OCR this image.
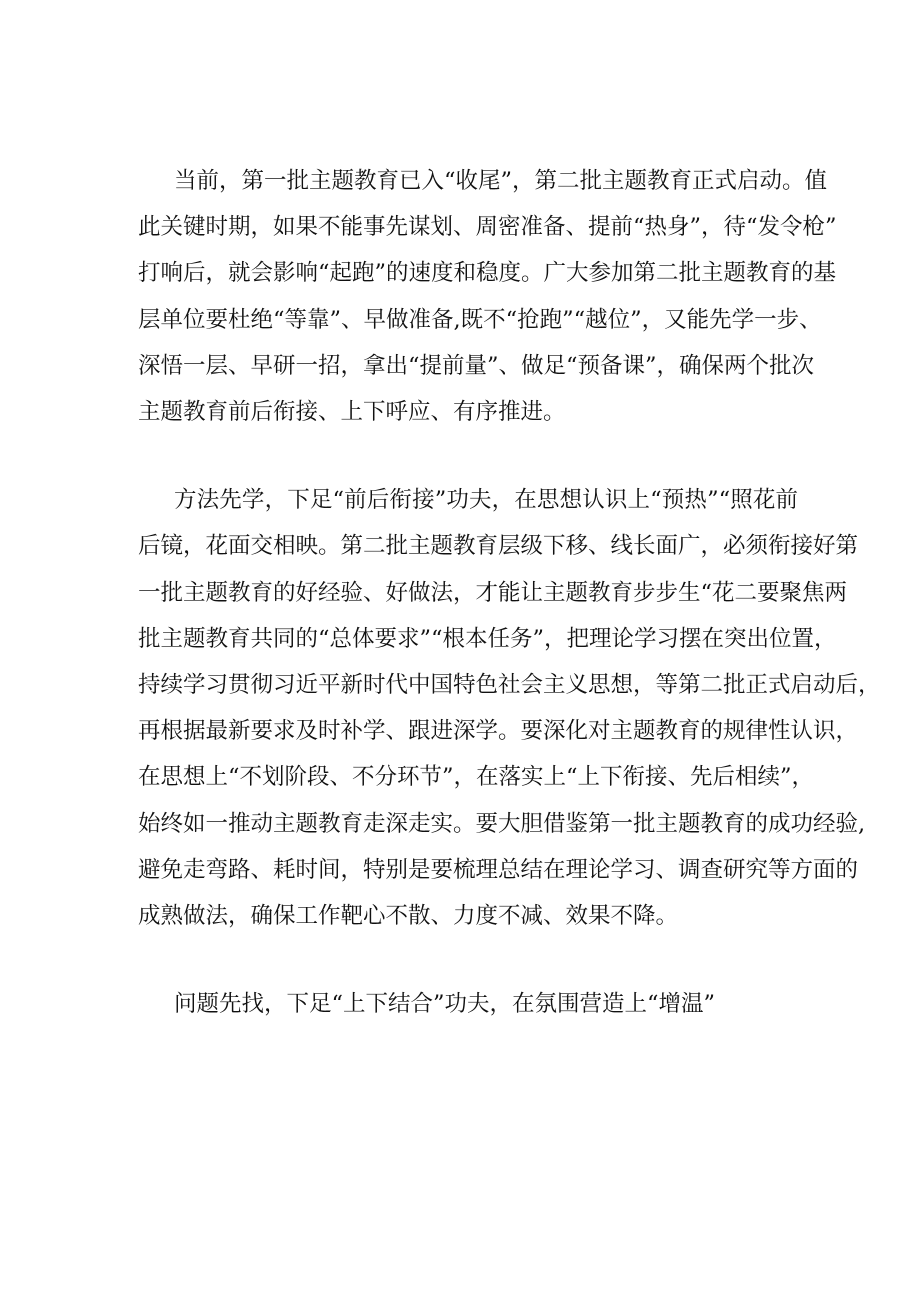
当前，第一批主题教育已入“收尾”，第二批主题教育正式启动。值
此关键时期，如果不能事先谋划、周密准备、提前“热身”，待“发令枪”
打响后，就会影响“起跑”的速度和稳度。广大参加第二批主题教育的基
层单位要杜绝“等靠”、早做准备,既不“抢跑”“越位”，又能先学一步、
深悟一层、早研一招，拿出“提前量”、做足“预备课”，确保两个批次
主题教育前后衔接、上下呼应、有序推进。

方法先学，下足“前后衔接”功夫，在思想认识上“预热”“照花前
后镜，花面交相映。第二批主题教育层级下移、线长面广，必须衔接好第
一批主题教育的好经验、好做法，才能让主题教育步步生“花二要聚焦两
批主题教育共同的“总体要求”“根本任务”，把理论学习摆在突出位置，
持续学习贯彻习近平新时代中国特色社会主义思想，等第二批正式启动后，
再根据最新要求及时补学、跟进深学。要深化对主题教育的规律性认识，
在思想上“不划阶段、不分环节”，在落实上“上下衔接、先后相续”，
始终如一推动主题教育走深走实。要大胆借鉴第一批主题教育的成功经验,
避免走弯路、耗时间，特别是要梳理总结在理论学习、调查研究等方面的
成熟做法，确保工作靶心不散、力度不减、效果不降。

问题先找，下足“上下结合”功夫，在氛围营造上“增温”
